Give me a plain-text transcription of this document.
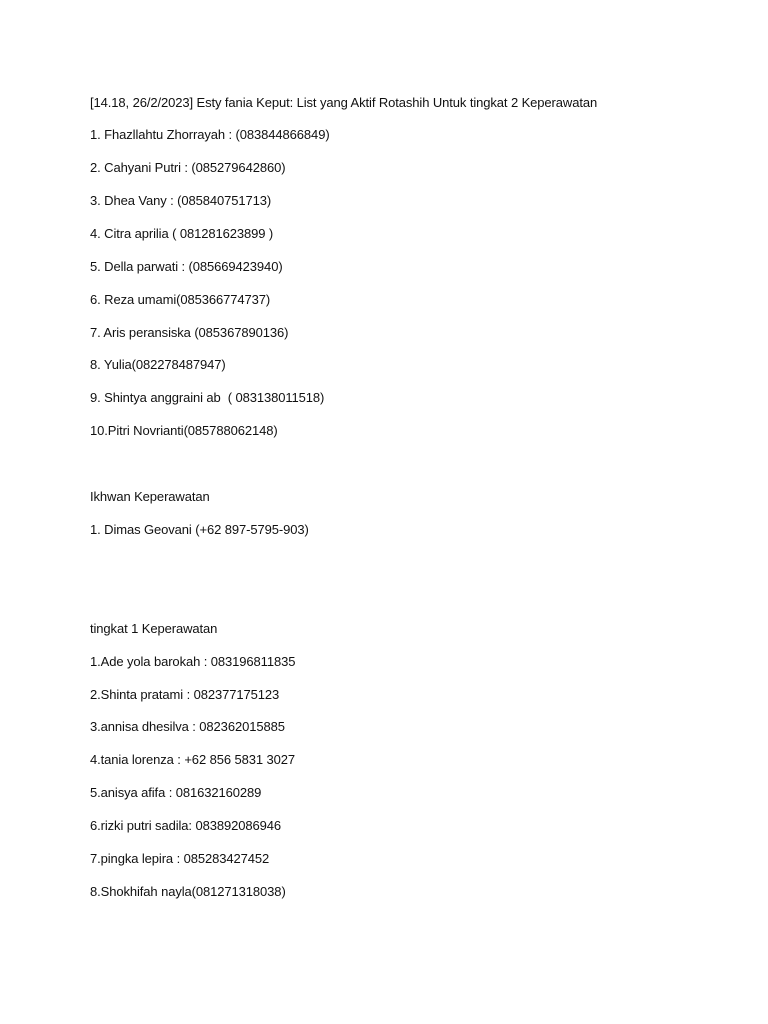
[14.18, 26/2/2023] Esty fania Keput: List yang Aktif Rotashih Untuk tingkat 2 Keperawatan
1. Fhazllahtu Zhorrayah : (083844866849)
2. Cahyani Putri : (085279642860)
3. Dhea Vany : (085840751713)
4. Citra aprilia ( 081281623899 )
5. Della parwati : (085669423940)
6. Reza umami(085366774737)
7. Aris peransiska (085367890136)
8. Yulia(082278487947)
9. Shintya anggraini ab  ( 083138011518)
10.Pitri Novrianti(085788062148)
Ikhwan Keperawatan
1. Dimas Geovani (+62 897-5795-903)
tingkat 1 Keperawatan
1.Ade yola barokah : 083196811835
2.Shinta pratami : 082377175123
3.annisa dhesilva : 082362015885
4.tania lorenza : +62 856 5831 3027
5.anisya afifa : 081632160289
6.rizki putri sadila: 083892086946
7.pingka lepira : 085283427452
8.Shokhifah nayla(081271318038)
